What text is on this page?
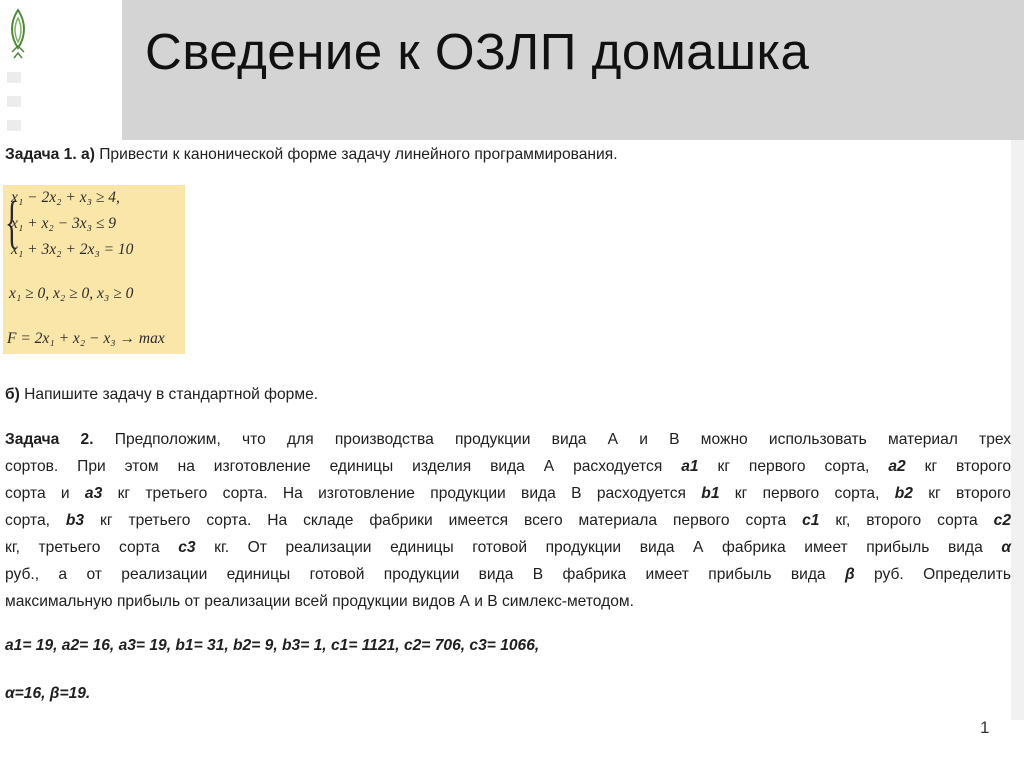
Сведение к ОЗЛП домашка
Задача 1. а) Привести к канонической форме задачу линейного программирования.
{
x₁ − 2x₂ + x₃ ≥ 4,
x₁ + x₂ − 3x₃ ≤ 9
x₁ + 3x₂ + 2x₃ = 10
x₁ ≥ 0, x₂ ≥ 0, x₃ ≥ 0
F = 2x₁ + x₂ − x₃ → max
б) Напишите задачу в стандартной форме.
Задача 2. Предположим, что для производства продукции вида А и В можно использовать материал трех
сортов. При этом на изготовление единицы изделия вида А расходуется a1 кг первого сорта, a2 кг второго
сорта и a3 кг третьего сорта. На изготовление продукции вида В расходуется b1 кг первого сорта, b2 кг второго
сорта, b3 кг третьего сорта. На складе фабрики имеется всего материала первого сорта c1 кг, второго сорта c2
кг, третьего сорта c3 кг. От реализации единицы готовой продукции вида А фабрика имеет прибыль вида α
руб., а от реализации единицы готовой продукции вида В фабрика имеет прибыль вида β руб. Определить
максимальную прибыль от реализации всей продукции видов А и В симлекс-методом.
a1= 19, a2= 16, a3= 19, b1= 31, b2= 9, b3= 1, c1= 1121, c2= 706, c3= 1066,
α=16, β=19.
1
